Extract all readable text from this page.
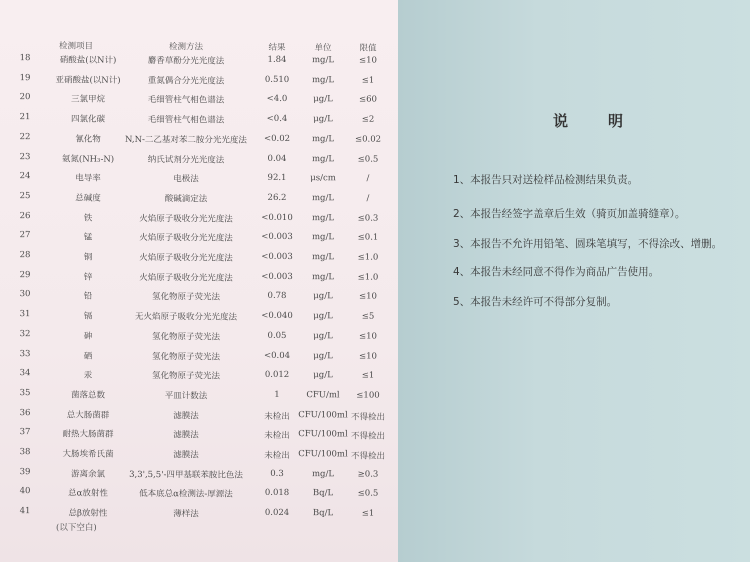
检测项目	检测方法	结果	单位	限值
18	硝酸盐(以N计)	麝香草酚分光光度法	1.84	mg/L	≤10
19	亚硝酸盐(以N计)	重氮偶合分光光度法	0.510	mg/L	≤1
20	三氯甲烷	毛细管柱气相色谱法	<4.0	μg/L	≤60
21	四氯化碳	毛细管柱气相色谱法	<0.4	μg/L	≤2
22	氰化物	N,N-二乙基对苯二胺分光光度法	<0.02	mg/L	≤0.02
23	氨氮(NH₃-N)	纳氏试剂分光光度法	0.04	mg/L	≤0.5
24	电导率	电极法	92.1	μs/cm	/
25	总碱度	酸碱滴定法	26.2	mg/L	/
26	铁	火焰原子吸收分光光度法	<0.010	mg/L	≤0.3
27	锰	火焰原子吸收分光光度法	<0.003	mg/L	≤0.1
28	铜	火焰原子吸收分光光度法	<0.003	mg/L	≤1.0
29	锌	火焰原子吸收分光光度法	<0.003	mg/L	≤1.0
30	铅	氢化物原子荧光法	0.78	μg/L	≤10
31	镉	无火焰原子吸收分光光度法	<0.040	μg/L	≤5
32	砷	氢化物原子荧光法	0.05	μg/L	≤10
33	硒	氢化物原子荧光法	<0.04	μg/L	≤10
34	汞	氢化物原子荧光法	0.012	μg/L	≤1
35	菌落总数	平皿计数法	1	CFU/ml	≤100
36	总大肠菌群	滤膜法	未检出 CFU/100ml 不得检出
37	耐热大肠菌群	滤膜法	未检出 CFU/100ml 不得检出
38	大肠埃希氏菌	滤膜法	未检出 CFU/100ml 不得检出
39	游离余氯	3,3',5,5'-四甲基联苯胺比色法	0.3	mg/L	≥0.3
40	总α放射性	低本底总α检测法-厚源法	0.018	Bq/L	≤0.5
41	总β放射性	薄样法	0.024	Bq/L	≤1
(以下空白)
说 明
1、本报告只对送检样品检测结果负责。
2、本报告经签字盖章后生效（骑页加盖骑缝章）。
3、本报告不允许用铅笔、圆珠笔填写，不得涂改、增删。
4、本报告未经同意不得作为商品广告使用。
5、本报告未经许可不得部分复制。
